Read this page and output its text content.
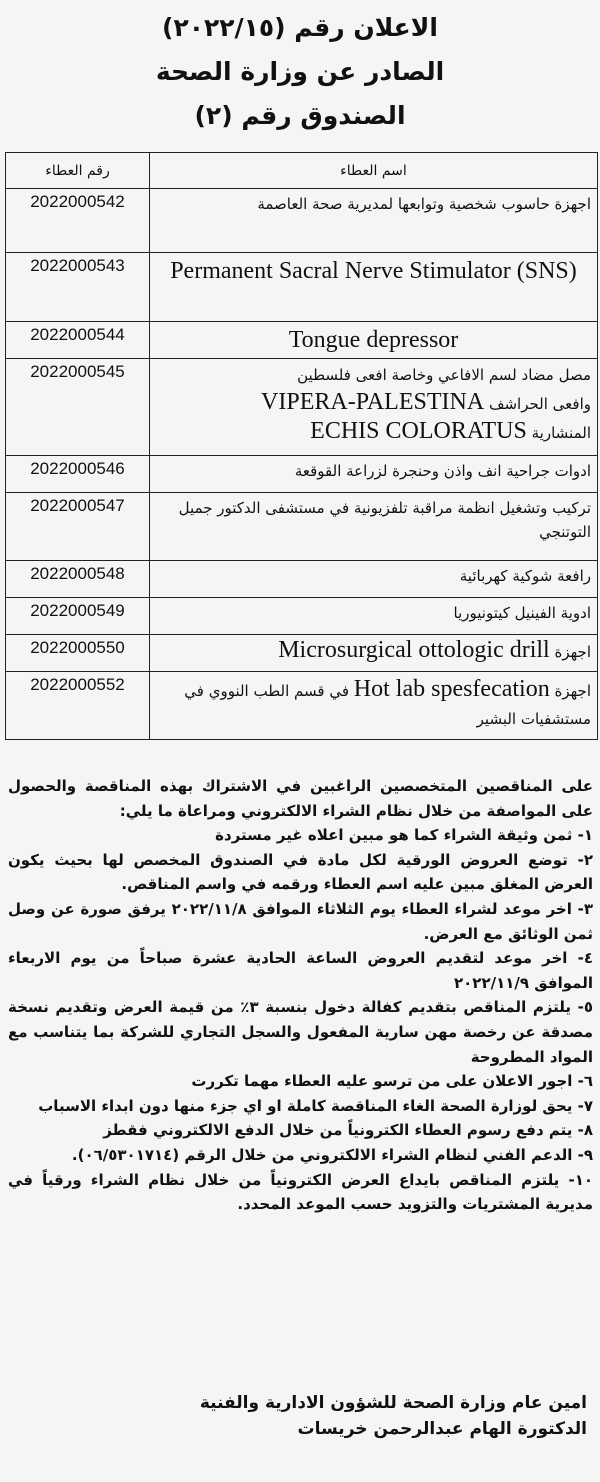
الاعلان رقم (٢٠٢٢/١٥)

الصادر عن وزارة الصحة

الصندوق رقم (٢)

اسم العطاء	رقم العطاء
اجهزة حاسوب شخصية وتوابعها لمديرية صحة العاصمة	2022000542
Permanent Sacral Nerve Stimulator (SNS)	2022000543
Tongue depressor	2022000544
مصل مضاد لسم الافاعي وخاصة افعى فلسطين
وافعى الحراشف VIPERA-PALESTINA
المنشارية ECHIS COLORATUS	2022000545
ادوات جراحية انف واذن وحنجرة لزراعة القوقعة	2022000546
تركيب وتشغيل انظمة مراقبة تلفزيونية في مستشفى الدكتور جميل التوتنجي	2022000547
رافعة شوكية كهربائية	2022000548
ادوية الفينيل كيتونيوريا	2022000549
اجهزة Microsurgical ottologic drill	2022000550
اجهزة Hot lab spesfecation في قسم الطب النووي في مستشفيات البشير	2022000552

على المناقصين المتخصصين الراغبين في الاشتراك بهذه المناقصة والحصول على المواصفة من خلال نظام الشراء الالكتروني ومراعاة ما يلي:

١- ثمن وثيقة الشراء كما هو مبين اعلاه غير مستردة

٢- توضع العروض الورقية لكل مادة في الصندوق المخصص لها بحيث يكون العرض المغلق مبين عليه اسم العطاء ورقمه في واسم المناقص.

٣- اخر موعد لشراء العطاء يوم الثلاثاء الموافق ٢٠٢٢/١١/٨ يرفق صورة عن وصل ثمن الوثائق مع العرض.

٤- اخر موعد لتقديم العروض الساعة الحادية عشرة صباحاً من يوم الاربعاء الموافق ٢٠٢٢/١١/٩

٥- يلتزم المناقص بتقديم كفالة دخول بنسبة ٣٪ من قيمة العرض وتقديم نسخة مصدقة عن رخصة مهن سارية المفعول والسجل التجاري للشركة بما يتناسب مع المواد المطروحة

٦- اجور الاعلان على من ترسو عليه العطاء مهما تكررت

٧- يحق لوزارة الصحة الغاء المناقصة كاملة او اي جزء منها دون ابداء الاسباب

٨- يتم دفع رسوم العطاء الكترونياً من خلال الدفع الالكتروني فقطز

٩- الدعم الفني لنظام الشراء الالكتروني من خلال الرقم (٠٦/٥٣٠١٧١٤).

١٠- يلتزم المناقص بايداع العرض الكترونياً من خلال نظام الشراء ورقياً في مديرية المشتريات والتزويد حسب الموعد المحدد.

امين عام وزارة الصحة للشؤون الادارية والفنية

الدكتورة الهام عبدالرحمن خريسات
